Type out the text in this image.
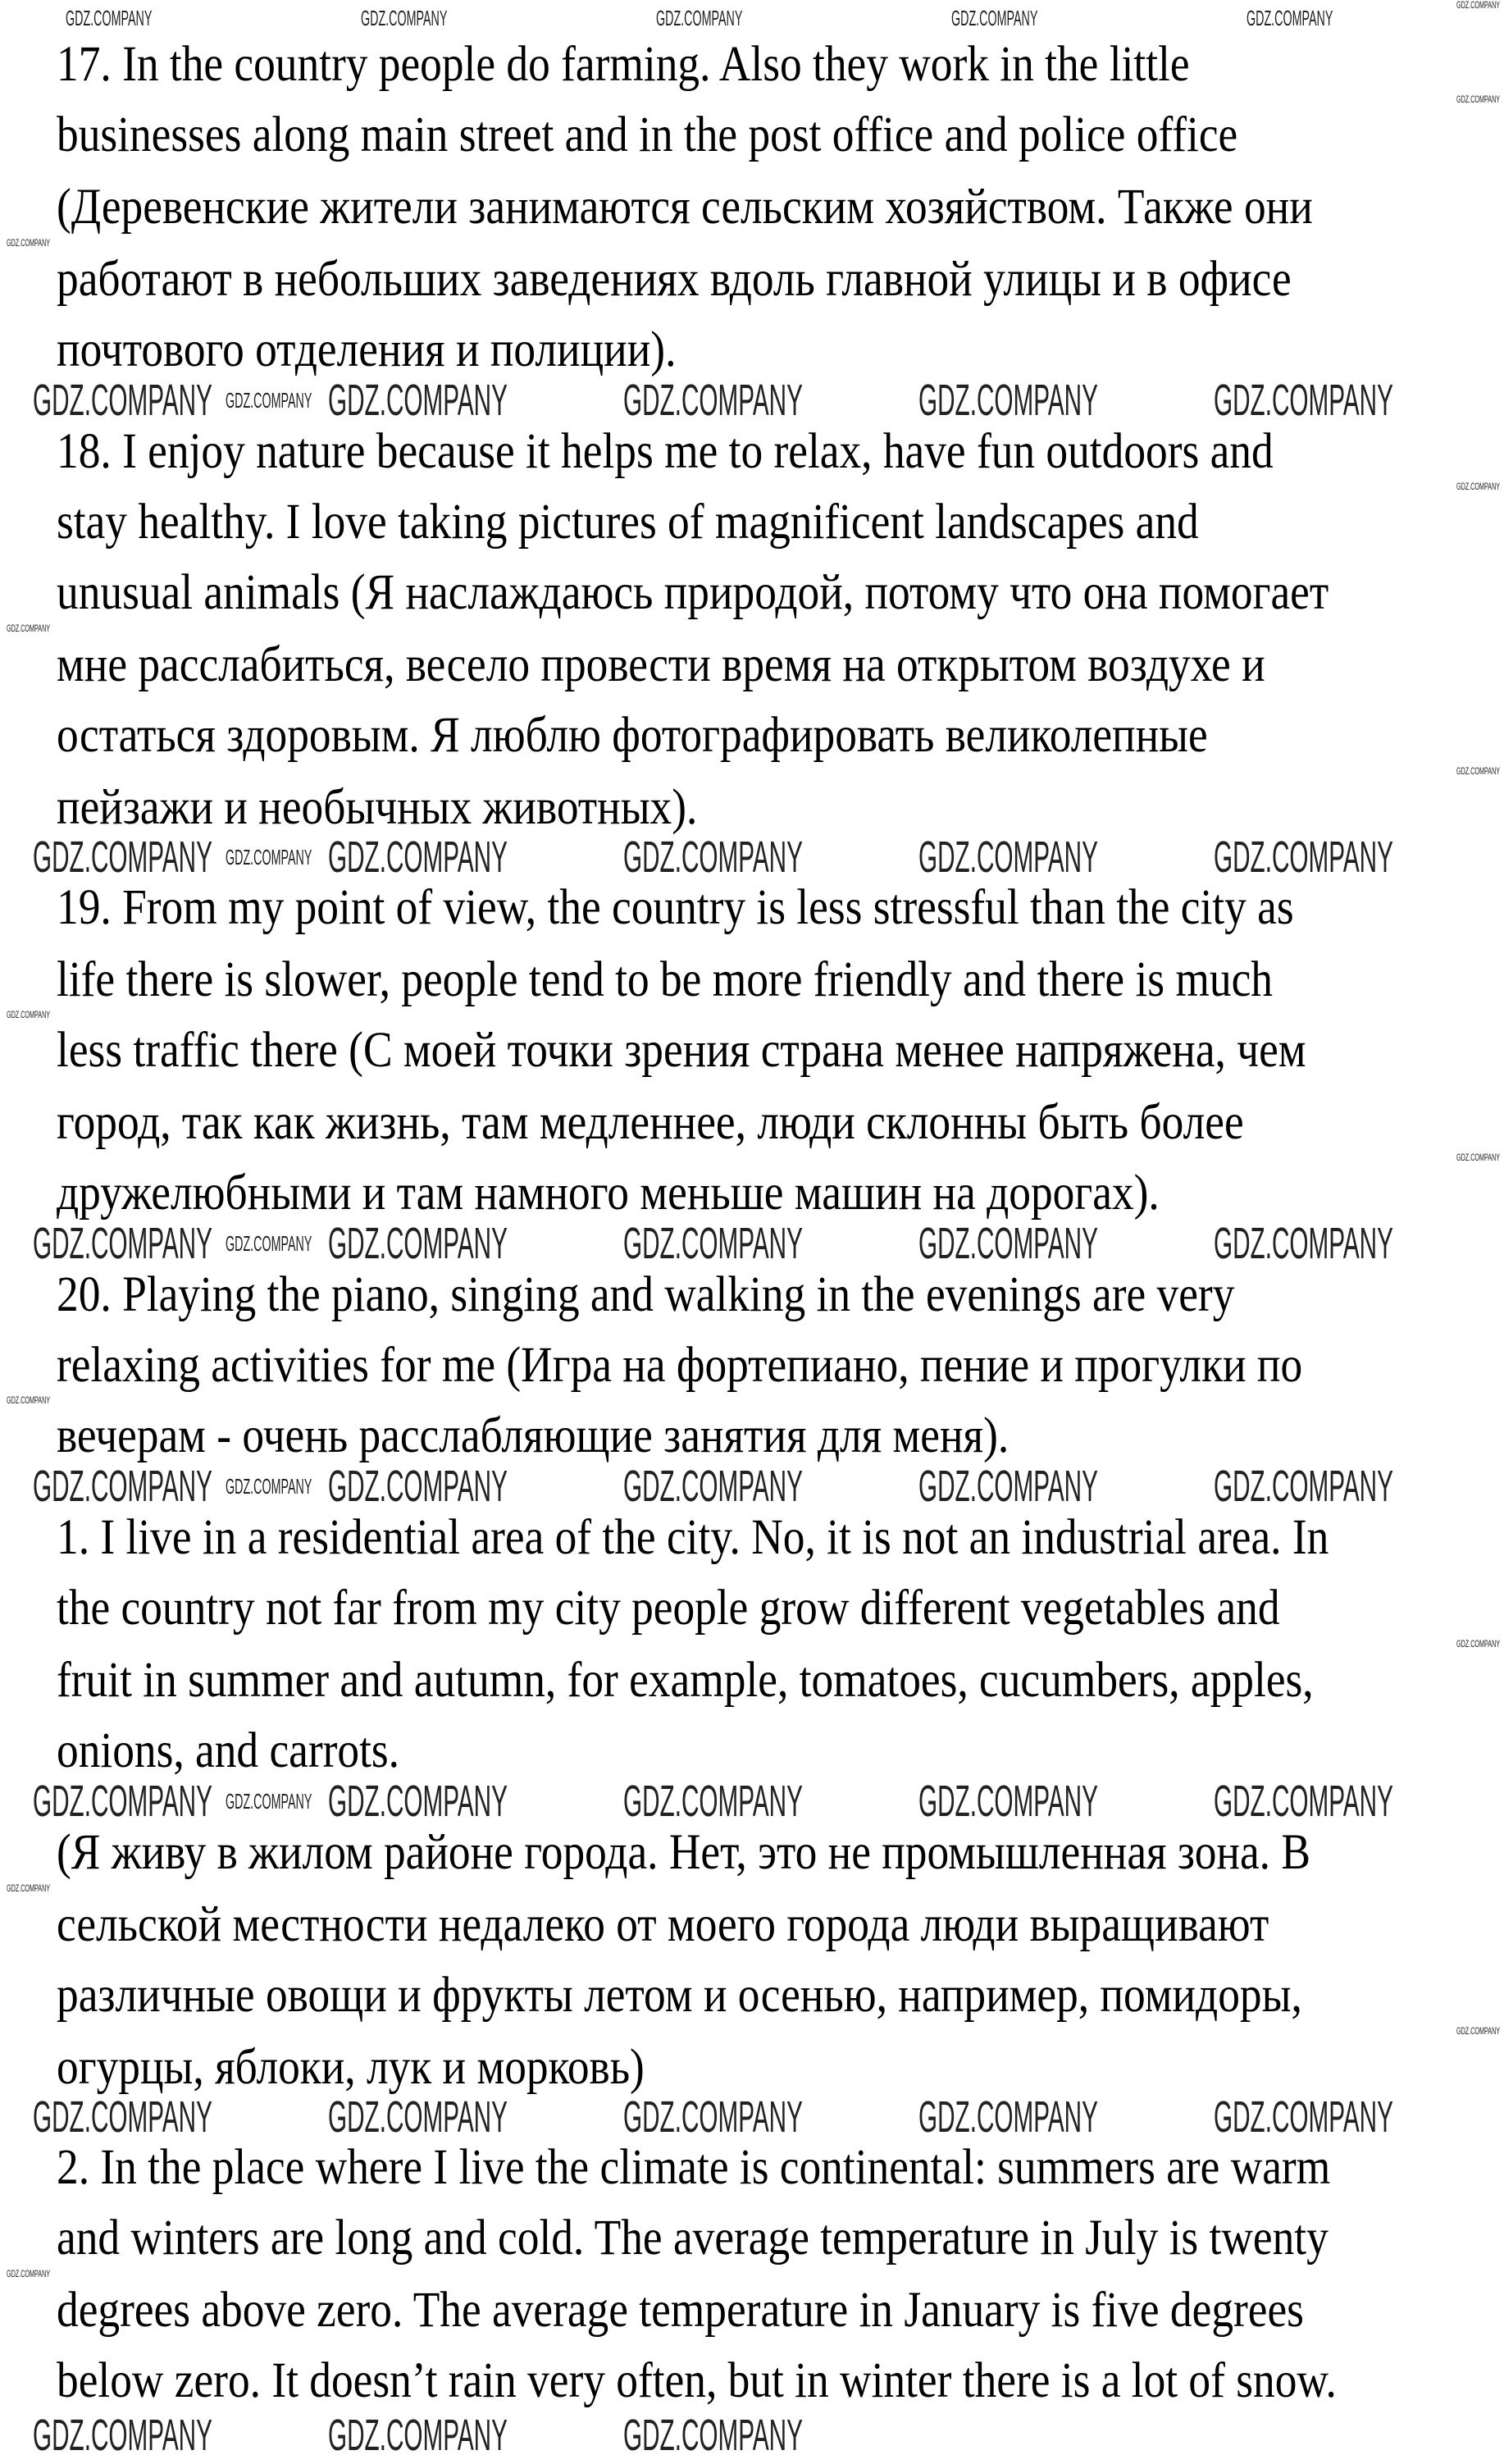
17. In the country people do farming. Also they work in the little
businesses along main street and in the post office and police office
(Деревенские жители занимаются сельским хозяйством. Также они
работают в небольших заведениях вдоль главной улицы и в офисе
почтового отделения и полиции).
18. I enjoy nature because it helps me to relax, have fun outdoors and
stay healthy. I love taking pictures of magnificent landscapes and
unusual animals (Я наслаждаюсь природой, потому что она помогает
мне расслабиться, весело провести время на открытом воздухе и
остаться здоровым. Я люблю фотографировать великолепные
пейзажи и необычных животных).
19. From my point of view, the country is less stressful than the city as
life there is slower, people tend to be more friendly and there is much
less traffic there (С моей точки зрения страна менее напряжена, чем
город, так как жизнь, там медленнее, люди склонны быть более
дружелюбными и там намного меньше машин на дорогах).
20. Playing the piano, singing and walking in the evenings are very
relaxing activities for me (Игра на фортепиано, пение и прогулки по
вечерам - очень расслабляющие занятия для меня).
1. I live in a residential area of the city. No, it is not an industrial area. In
the country not far from my city people grow different vegetables and
fruit in summer and autumn, for example, tomatoes, cucumbers, apples,
onions, and carrots.
(Я живу в жилом районе города. Нет, это не промышленная зона. В
сельской местности недалеко от моего города люди выращивают
различные овощи и фрукты летом и осенью, например, помидоры,
огурцы, яблоки, лук и морковь)
2. In the place where I live the climate is continental: summers are warm
and winters are long and cold. The average temperature in July is twenty
degrees above zero. The average temperature in January is five degrees
below zero. It doesn’t rain very often, but in winter there is a lot of snow.
GDZ.COMPANY	GDZ.COMPANY	GDZ.COMPANY	GDZ.COMPANY	GDZ.COMPANY
GDZ.COMPANY	GDZ.COMPANY	GDZ.COMPANY	GDZ.COMPANY	GDZ.COMPANY
GDZ.COMPANY	GDZ.COMPANY	GDZ.COMPANY	GDZ.COMPANY	GDZ.COMPANY
GDZ.COMPANY	GDZ.COMPANY	GDZ.COMPANY	GDZ.COMPANY	GDZ.COMPANY
GDZ.COMPANY	GDZ.COMPANY	GDZ.COMPANY	GDZ.COMPANY	GDZ.COMPANY
GDZ.COMPANY	GDZ.COMPANY	GDZ.COMPANY	GDZ.COMPANY	GDZ.COMPANY
GDZ.COMPANY	GDZ.COMPANY	GDZ.COMPANY
GDZ.COMPANY	GDZ.COMPANY	GDZ.COMPANY	GDZ.COMPANY	GDZ.COMPANY
GDZ.COMPANY
GDZ.COMPANY
GDZ.COMPANY
GDZ.COMPANY
GDZ.COMPANY
GDZ.COMPANY
GDZ.COMPANY
GDZ.COMPANY
GDZ.COMPANY
GDZ.COMPANY
GDZ.COMPANY
GDZ.COMPANY
GDZ.COMPANY
GDZ.COMPANY
GDZ.COMPANY
GDZ.COMPANY
GDZ.COMPANY
GDZ.COMPANY
